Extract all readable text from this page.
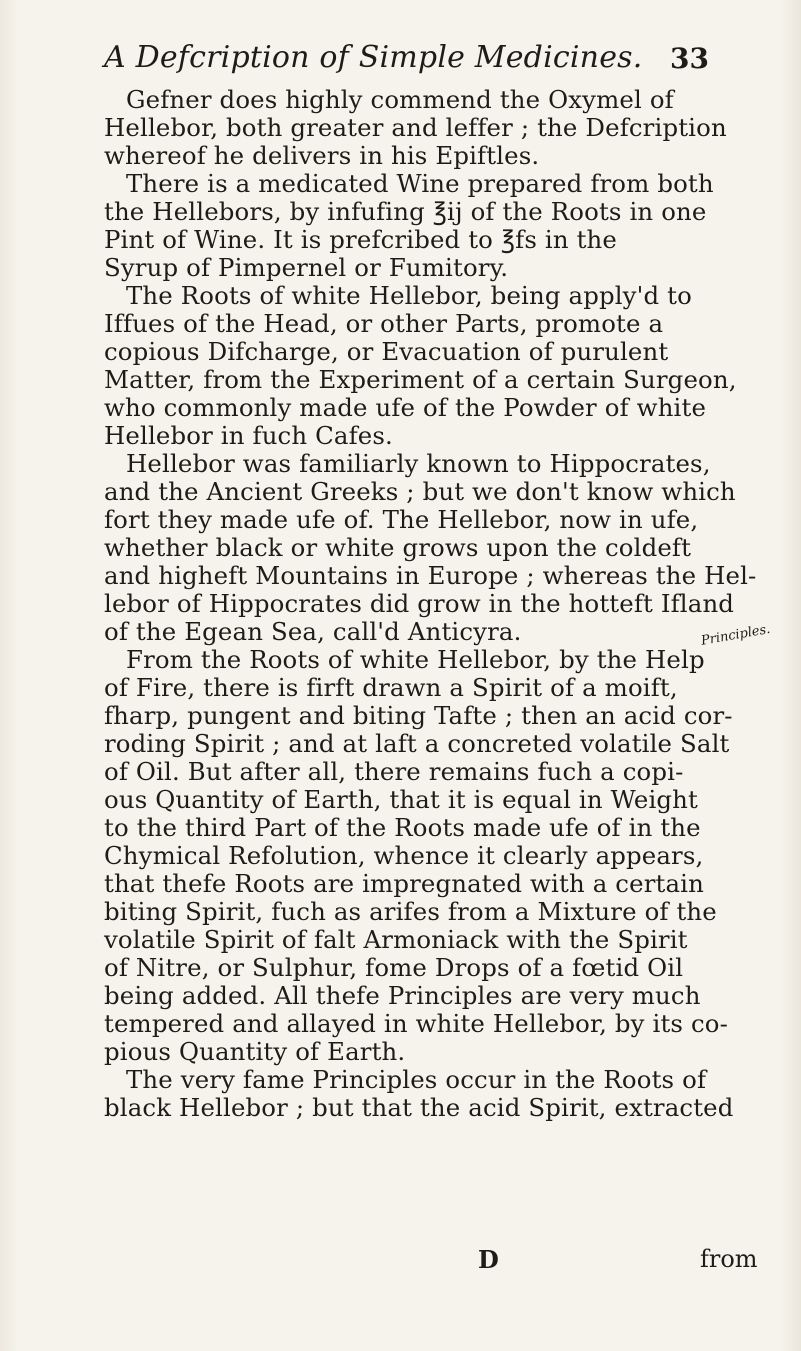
A Defcription of Simple Medicines. 33
Gefner does highly commend the Oxymel of
Hellebor, both greater and leffer ; the Defcription
whereof he delivers in his Epiftles.
There is a medicated Wine prepared from both
the Hellebors, by infufing ℥ij of the Roots in one
Pint of Wine. It is prefcribed to ℥fs in the
Syrup of Pimpernel or Fumitory.
The Roots of white Hellebor, being apply'd to
Iffues of the Head, or other Parts, promote a
copious Difcharge, or Evacuation of purulent
Matter, from the Experiment of a certain Surgeon,
who commonly made ufe of the Powder of white
Hellebor in fuch Cafes.
Hellebor was familiarly known to Hippocrates,
and the Ancient Greeks ; but we don't know which
fort they made ufe of. The Hellebor, now in ufe,
whether black or white grows upon the coldeft
and higheft Mountains in Europe ; whereas the Hel-
lebor of Hippocrates did grow in the hotteft Ifland
of the Egean Sea, call'd Anticyra.
From the Roots of white Hellebor, by the Help
of Fire, there is firft drawn a Spirit of a moift,
fharp, pungent and biting Tafte ; then an acid cor-
roding Spirit ; and at laft a concreted volatile Salt
of Oil. But after all, there remains fuch a copi-
ous Quantity of Earth, that it is equal in Weight
to the third Part of the Roots made ufe of in the
Chymical Refolution, whence it clearly appears,
that thefe Roots are impregnated with a certain
biting Spirit, fuch as arifes from a Mixture of the
volatile Spirit of falt Armoniack with the Spirit
of Nitre, or Sulphur, fome Drops of a fœtid Oil
being added. All thefe Principles are very much
tempered and allayed in white Hellebor, by its co-
pious Quantity of Earth.
The very fame Principles occur in the Roots of
black Hellebor ; but that the acid Spirit, extracted
Principles.
D	from
